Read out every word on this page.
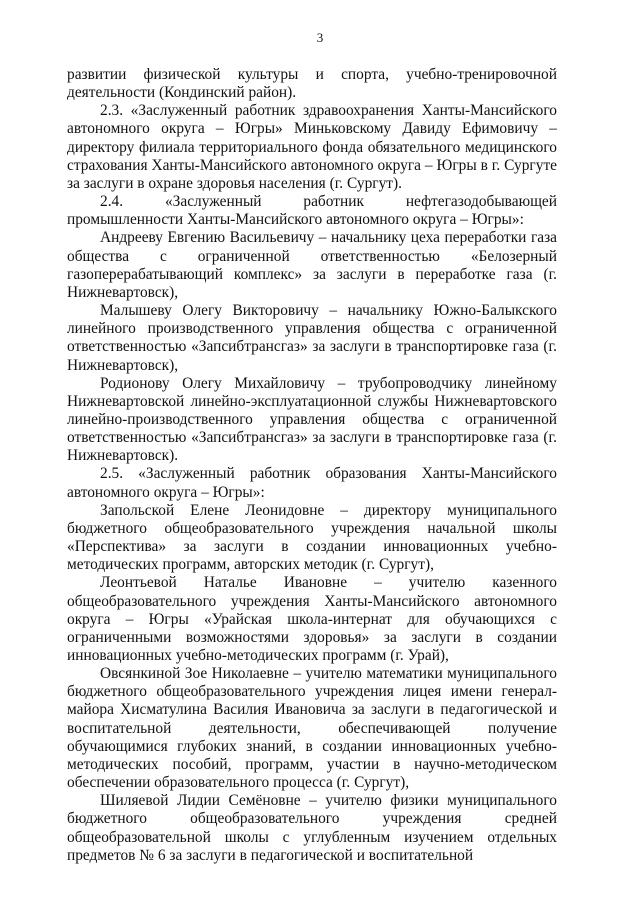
3

развитии физической культуры и спорта, учебно-тренировочной деятельности (Кондинский район).

2.3. «Заслуженный работник здравоохранения Ханты-Мансийского автономного округа – Югры» Миньковскому Давиду Ефимовичу – директору филиала территориального фонда обязательного медицинского страхования Ханты-Мансийского автономного округа – Югры в г. Сургуте за заслуги в охране здоровья населения (г. Сургут).

2.4. «Заслуженный работник нефтегазодобывающей промышленности Ханты-Мансийского автономного округа – Югры»:

Андрееву Евгению Васильевичу – начальнику цеха переработки газа общества с ограниченной ответственностью «Белозерный газоперерабатывающий комплекс» за заслуги в переработке газа (г. Нижневартовск),

Малышеву Олегу Викторовичу – начальнику Южно-Балыкского линейного производственного управления общества с ограниченной ответственностью «Запсибтрансгаз» за заслуги в транспортировке газа (г. Нижневартовск),

Родионову Олегу Михайловичу – трубопроводчику линейному Нижневартовской линейно-эксплуатационной службы Нижневартовского линейно-производственного управления общества с ограниченной ответственностью «Запсибтрансгаз» за заслуги в транспортировке газа (г. Нижневартовск).

2.5. «Заслуженный работник образования Ханты-Мансийского автономного округа – Югры»:

Запольской Елене Леонидовне – директору муниципального бюджетного общеобразовательного учреждения начальной школы «Перспектива» за заслуги в создании инновационных учебно-методических программ, авторских методик (г. Сургут),

Леонтьевой Наталье Ивановне – учителю казенного общеобразовательного учреждения Ханты-Мансийского автономного округа – Югры «Урайская школа-интернат для обучающихся с ограниченными возможностями здоровья» за заслуги в создании инновационных учебно-методических программ (г. Урай),

Овсянкиной Зое Николаевне – учителю математики муниципального бюджетного общеобразовательного учреждения лицея имени генерал-майора Хисматулина Василия Ивановича за заслуги в педагогической и воспитательной деятельности, обеспечивающей получение обучающимися глубоких знаний, в создании инновационных учебно-методических пособий, программ, участии в научно-методическом обеспечении образовательного процесса (г. Сургут),

Шиляевой Лидии Семёновне – учителю физики муниципального бюджетного общеобразовательного учреждения средней общеобразовательной школы с углубленным изучением отдельных предметов № 6 за заслуги в педагогической и воспитательной
